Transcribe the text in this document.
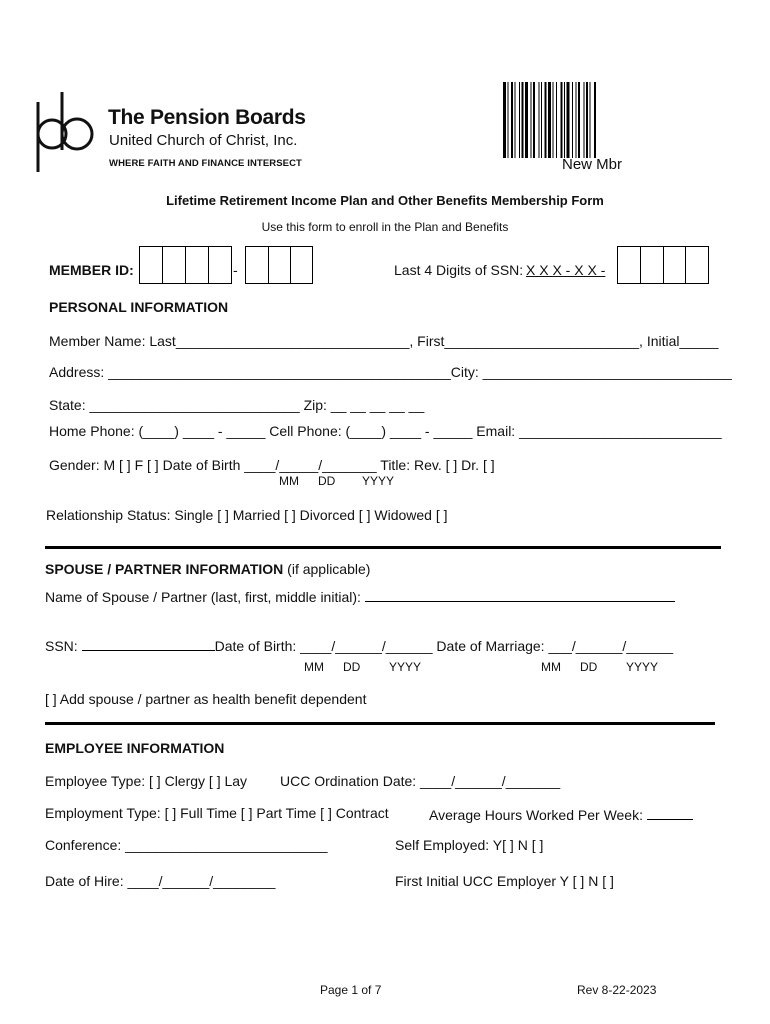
The Pension Boards
United Church of Christ, Inc.
WHERE FAITH AND FINANCE INTERSECT	New Mbr
Lifetime Retirement Income Plan and Other Benefits Membership Form
Use this form to enroll in the Plan and Benefits
MEMBER ID:	-	Last 4 Digits of SSN: X X X - X X -
PERSONAL INFORMATION
Member Name: Last______________________________, First_________________________, Initial_____
Address: ____________________________________________City: ________________________________
State: ___________________________ Zip: __ __ __ __ __
Home Phone: (____) ____ - _____ Cell Phone: (____) ____ - _____ Email: __________________________
Gender: M [ ] F [ ] Date of Birth ____/_____/_______ Title: Rev. [ ] Dr. [ ]
MM DD YYYY
Relationship Status: Single [ ] Married [ ] Divorced [ ] Widowed [ ]
SPOUSE / PARTNER INFORMATION (if applicable)
Name of Spouse / Partner (last, first, middle initial):
SSN:	Date of Birth: ____/______/______ Date of Marriage: ___/______/______
MM DD YYYY	MM DD YYYY
[ ] Add spouse / partner as health benefit dependent
EMPLOYEE INFORMATION
Employee Type: [ ] Clergy [ ] Lay UCC Ordination Date: ____/______/_______
Employment Type: [ ] Full Time [ ] Part Time [ ] Contract	Average Hours Worked Per Week:
Conference: __________________________	Self Employed: Y[ ] N [ ]
Date of Hire: ____/______/________	First Initial UCC Employer Y [ ] N [ ]
Page 1 of 7	Rev 8-22-2023
